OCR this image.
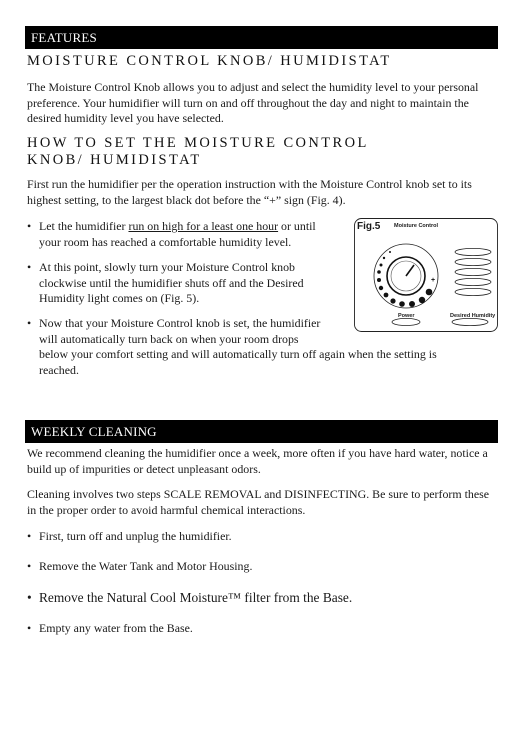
FEATURES
MOISTURE CONTROL KNOB/ HUMIDISTAT

The Moisture Control Knob allows you to adjust and select the humidity level to your personal preference. Your humidifier will turn on and off throughout the day and night to maintain the desired humidity level you have selected.

HOW TO SET THE MOISTURE CONTROL
KNOB/ HUMIDISTAT

First run the humidifier per the operation instruction with the Moisture Control knob set to its highest setting, to the largest black dot before the “+” sign (Fig. 4).

• Let the humidifier run on high for a least one hour or until
your room has reached a comfortable humidity level.
• At this point, slowly turn your Moisture Control knob
clockwise until the humidifier shuts off and the Desired
Humidity light comes on (Fig. 5).
• Now that your Moisture Control knob is set, the humidifier
will automatically turn back on when your room drops
below your comfort setting and will automatically turn off again when the setting is
reached.
+
Fig.5 Moisture Control
Power	Desired Humidity
WEEKLY CLEANING

We recommend cleaning the humidifier once a week, more often if you have hard water, notice a build up of impurities or detect unpleasant odors.

Cleaning involves two steps SCALE REMOVAL and DISINFECTING. Be sure to perform these in the proper order to avoid harmful chemical interactions.

• First, turn off and unplug the humidifier.
• Remove the Water Tank and Motor Housing.
• Remove the Natural Cool Moisture™ filter from the Base.
• Empty any water from the Base.
